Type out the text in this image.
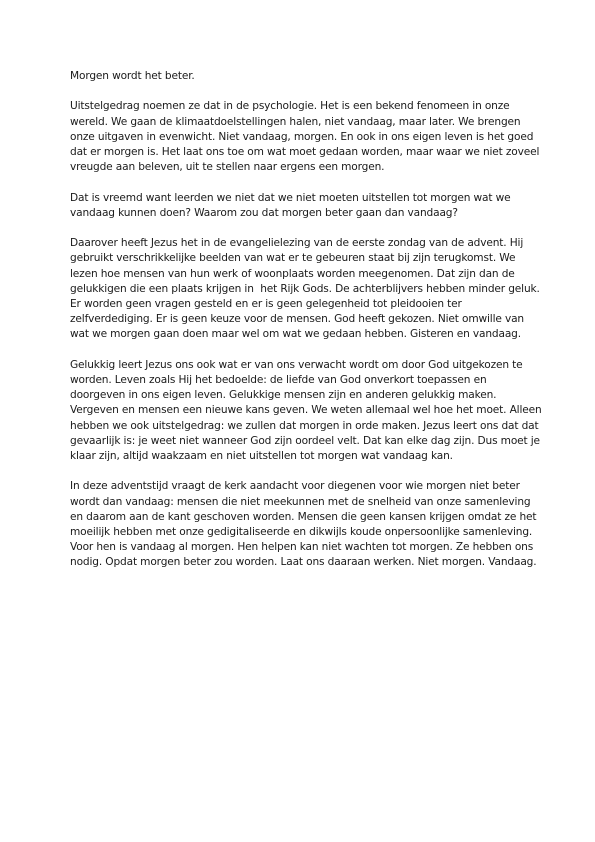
Morgen wordt het beter.
Uitstelgedrag noemen ze dat in de psychologie. Het is een bekend fenomeen in onze
wereld. We gaan de klimaatdoelstellingen halen, niet vandaag, maar later. We brengen
onze uitgaven in evenwicht. Niet vandaag, morgen. En ook in ons eigen leven is het goed
dat er morgen is. Het laat ons toe om wat moet gedaan worden, maar waar we niet zoveel
vreugde aan beleven, uit te stellen naar ergens een morgen.
Dat is vreemd want leerden we niet dat we niet moeten uitstellen tot morgen wat we
vandaag kunnen doen? Waarom zou dat morgen beter gaan dan vandaag?
Daarover heeft Jezus het in de evangelielezing van de eerste zondag van de advent. Hij
gebruikt verschrikkelijke beelden van wat er te gebeuren staat bij zijn terugkomst. We
lezen hoe mensen van hun werk of woonplaats worden meegenomen. Dat zijn dan de
gelukkigen die een plaats krijgen in  het Rijk Gods. De achterblijvers hebben minder geluk.
Er worden geen vragen gesteld en er is geen gelegenheid tot pleidooien ter
zelfverdediging. Er is geen keuze voor de mensen. God heeft gekozen. Niet omwille van
wat we morgen gaan doen maar wel om wat we gedaan hebben. Gisteren en vandaag.
Gelukkig leert Jezus ons ook wat er van ons verwacht wordt om door God uitgekozen te
worden. Leven zoals Hij het bedoelde: de liefde van God onverkort toepassen en
doorgeven in ons eigen leven. Gelukkige mensen zijn en anderen gelukkig maken.
Vergeven en mensen een nieuwe kans geven. We weten allemaal wel hoe het moet. Alleen
hebben we ook uitstelgedrag: we zullen dat morgen in orde maken. Jezus leert ons dat dat
gevaarlijk is: je weet niet wanneer God zijn oordeel velt. Dat kan elke dag zijn. Dus moet je
klaar zijn, altijd waakzaam en niet uitstellen tot morgen wat vandaag kan.
In deze adventstijd vraagt de kerk aandacht voor diegenen voor wie morgen niet beter
wordt dan vandaag: mensen die niet meekunnen met de snelheid van onze samenleving
en daarom aan de kant geschoven worden. Mensen die geen kansen krijgen omdat ze het
moeilijk hebben met onze gedigitaliseerde en dikwijls koude onpersoonlijke samenleving.
Voor hen is vandaag al morgen. Hen helpen kan niet wachten tot morgen. Ze hebben ons
nodig. Opdat morgen beter zou worden. Laat ons daaraan werken. Niet morgen. Vandaag.
